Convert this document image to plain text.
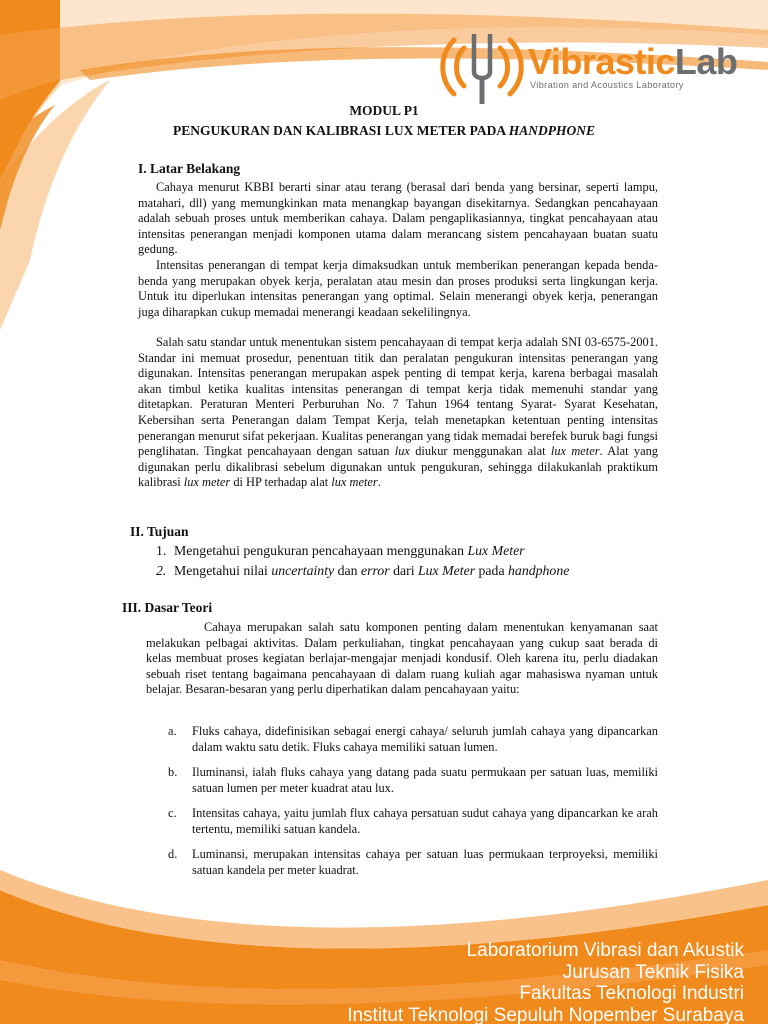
VibrasticLab
Vibration and Acoustics Laboratory
MODUL P1
PENGUKURAN DAN KALIBRASI LUX METER PADA HANDPHONE
I. Latar Belakang

Cahaya menurut KBBI berarti sinar atau terang (berasal dari benda yang bersinar, seperti lampu, matahari, dll) yang memungkinkan mata menangkap bayangan disekitarnya. Sedangkan pencahayaan adalah sebuah proses untuk memberikan cahaya. Dalam pengaplikasiannya, tingkat pencahayaan atau intensitas penerangan menjadi komponen utama dalam merancang sistem pencahayaan buatan suatu gedung.

Intensitas penerangan di tempat kerja dimaksudkan untuk memberikan penerangan kepada benda- benda yang merupakan obyek kerja, peralatan atau mesin dan proses produksi serta lingkungan kerja. Untuk itu diperlukan intensitas penerangan yang optimal. Selain menerangi obyek kerja, penerangan juga diharapkan cukup memadai menerangi keadaan sekelilingnya.

Salah satu standar untuk menentukan sistem pencahayaan di tempat kerja adalah SNI 03-6575-2001. Standar ini memuat prosedur, penentuan titik dan peralatan pengukuran intensitas penerangan yang digunakan. Intensitas penerangan merupakan aspek penting di tempat kerja, karena berbagai masalah akan timbul ketika kualitas intensitas penerangan di tempat kerja tidak memenuhi standar yang ditetapkan. Peraturan Menteri Perburuhan No. 7 Tahun 1964 tentang Syarat- Syarat Kesehatan, Kebersihan serta Penerangan dalam Tempat Kerja, telah menetapkan ketentuan penting intensitas penerangan menurut sifat pekerjaan. Kualitas penerangan yang tidak memadai berefek buruk bagi fungsi penglihatan. Tingkat pencahayaan dengan satuan lux diukur menggunakan alat lux meter. Alat yang digunakan perlu dikalibrasi sebelum digunakan untuk pengukuran, sehingga dilakukanlah praktikum kalibrasi lux meter di HP terhadap alat lux meter.

II. Tujuan
1. Mengetahui pengukuran pencahayaan menggunakan Lux Meter
2. Mengetahui nilai uncertainty dan error dari Lux Meter pada handphone
III. Dasar Teori

Cahaya merupakan salah satu komponen penting dalam menentukan kenyamanan saat melakukan pelbagai aktivitas. Dalam perkuliahan, tingkat pencahayaan yang cukup saat berada di kelas membuat proses kegiatan berlajar-mengajar menjadi kondusif. Oleh karena itu, perlu diadakan sebuah riset tentang bagaimana pencahayaan di dalam ruang kuliah agar mahasiswa nyaman untuk belajar. Besaran-besaran yang perlu diperhatikan dalam pencahayaan yaitu:

a. Fluks cahaya, didefinisikan sebagai energi cahaya/ seluruh jumlah cahaya yang dipancarkan dalam waktu satu detik. Fluks cahaya memiliki satuan lumen.
b. Iluminansi, ialah fluks cahaya yang datang pada suatu permukaan per satuan luas, memiliki satuan lumen per meter kuadrat atau lux.
c. Intensitas cahaya, yaitu jumlah flux cahaya persatuan sudut cahaya yang dipancarkan ke arah tertentu, memiliki satuan kandela.
d. Luminansi, merupakan intensitas cahaya per satuan luas permukaan terproyeksi, memiliki satuan kandela per meter kuadrat.
Laboratorium Vibrasi dan Akustik
Jurusan Teknik Fisika
Fakultas Teknologi Industri
Institut Teknologi Sepuluh Nopember Surabaya
